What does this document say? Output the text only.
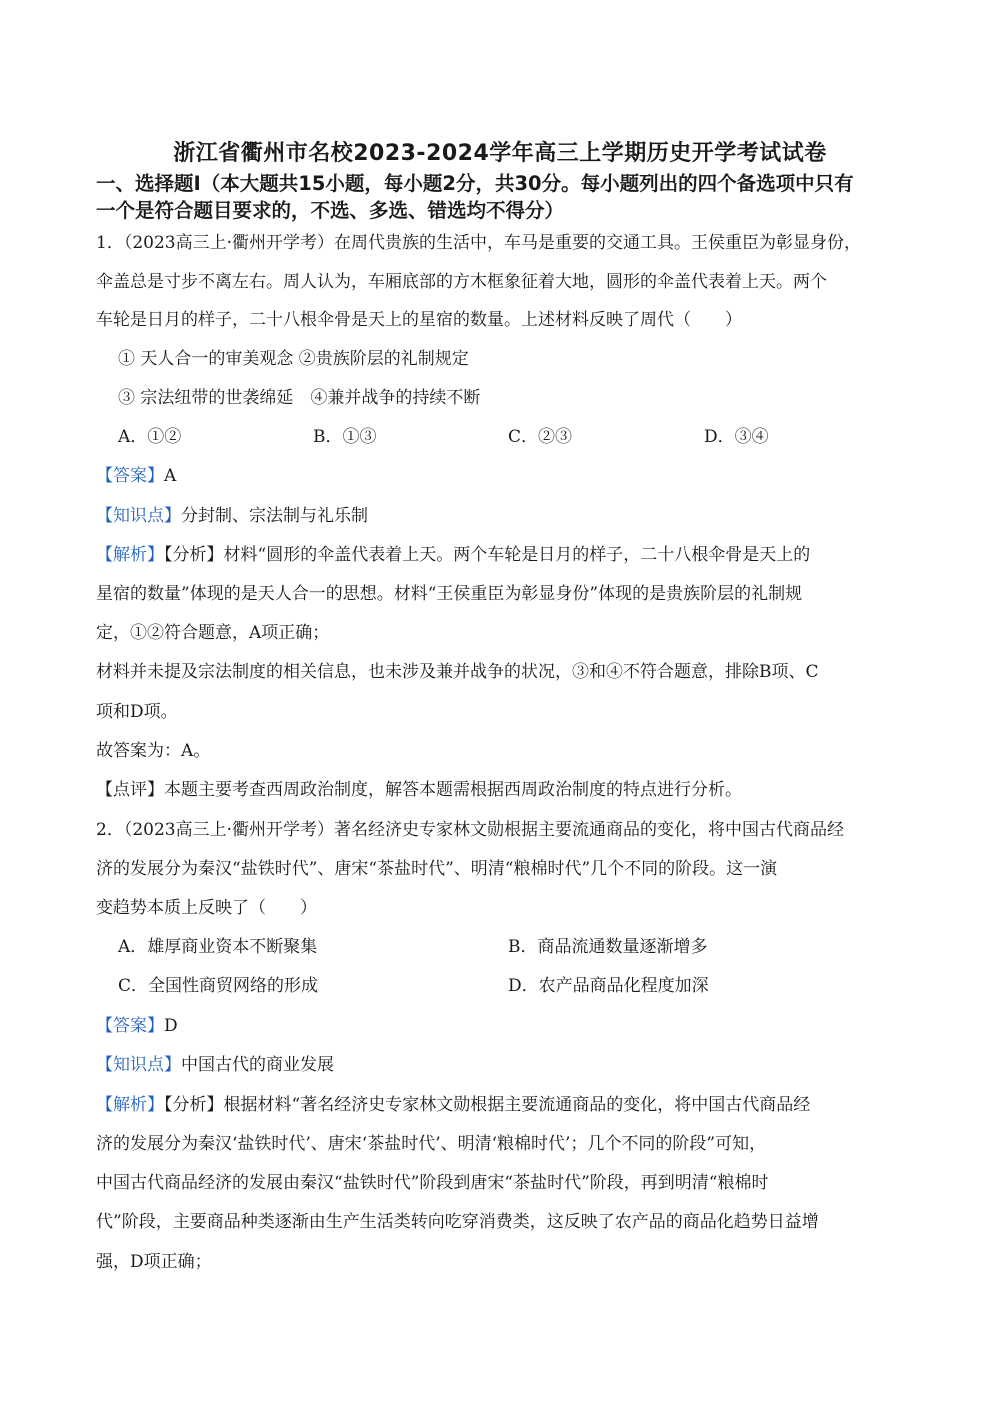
浙江省衢州市名校2023-2024学年高三上学期历史开学考试试卷
一、选择题Ⅰ（本大题共15小题，每小题2分，共30分。每小题列出的四个备选项中只有
一个是符合题目要求的，不选、多选、错选均不得分）
1．（2023高三上·衢州开学考）在周代贵族的生活中，车马是重要的交通工具。王侯重臣为彰显身份，
伞盖总是寸步不离左右。周人认为，车厢底部的方木框象征着大地，圆形的伞盖代表着上天。两个
车轮是日月的样子，二十八根伞骨是天上的星宿的数量。上述材料反映了周代（　　）
① 天人合一的审美观念 ②贵族阶层的礼制规定
③ 宗法纽带的世袭绵延　④兼并战争的持续不断
A．①②	B．①③	C．②③	D．③④
【答案】A
【知识点】分封制、宗法制与礼乐制
【解析】【分析】材料“圆形的伞盖代表着上天。两个车轮是日月的样子，二十八根伞骨是天上的
星宿的数量”体现的是天人合一的思想。材料“王侯重臣为彰显身份”体现的是贵族阶层的礼制规
定，①②符合题意，A项正确；
材料并未提及宗法制度的相关信息，也未涉及兼并战争的状况，③和④不符合题意，排除B项、C
项和D项。
故答案为：A。
【点评】本题主要考查西周政治制度，解答本题需根据西周政治制度的特点进行分析。
2．（2023高三上·衢州开学考）著名经济史专家林文勋根据主要流通商品的变化，将中国古代商品经
济的发展分为秦汉“盐铁时代”、唐宋“茶盐时代”、明清“粮棉时代”几个不同的阶段。这一演
变趋势本质上反映了（　　）
A．雄厚商业资本不断聚集	B．商品流通数量逐渐增多
C．全国性商贸网络的形成	D．农产品商品化程度加深
【答案】D
【知识点】中国古代的商业发展
【解析】【分析】根据材料“著名经济史专家林文勋根据主要流通商品的变化，将中国古代商品经
济的发展分为秦汉‘盐铁时代’、唐宋‘茶盐时代’、明清‘粮棉时代’；几个不同的阶段”可知，
中国古代商品经济的发展由秦汉“盐铁时代”阶段到唐宋“茶盐时代”阶段，再到明清“粮棉时
代”阶段，主要商品种类逐渐由生产生活类转向吃穿消费类，这反映了农产品的商品化趋势日益增
强，D项正确；
